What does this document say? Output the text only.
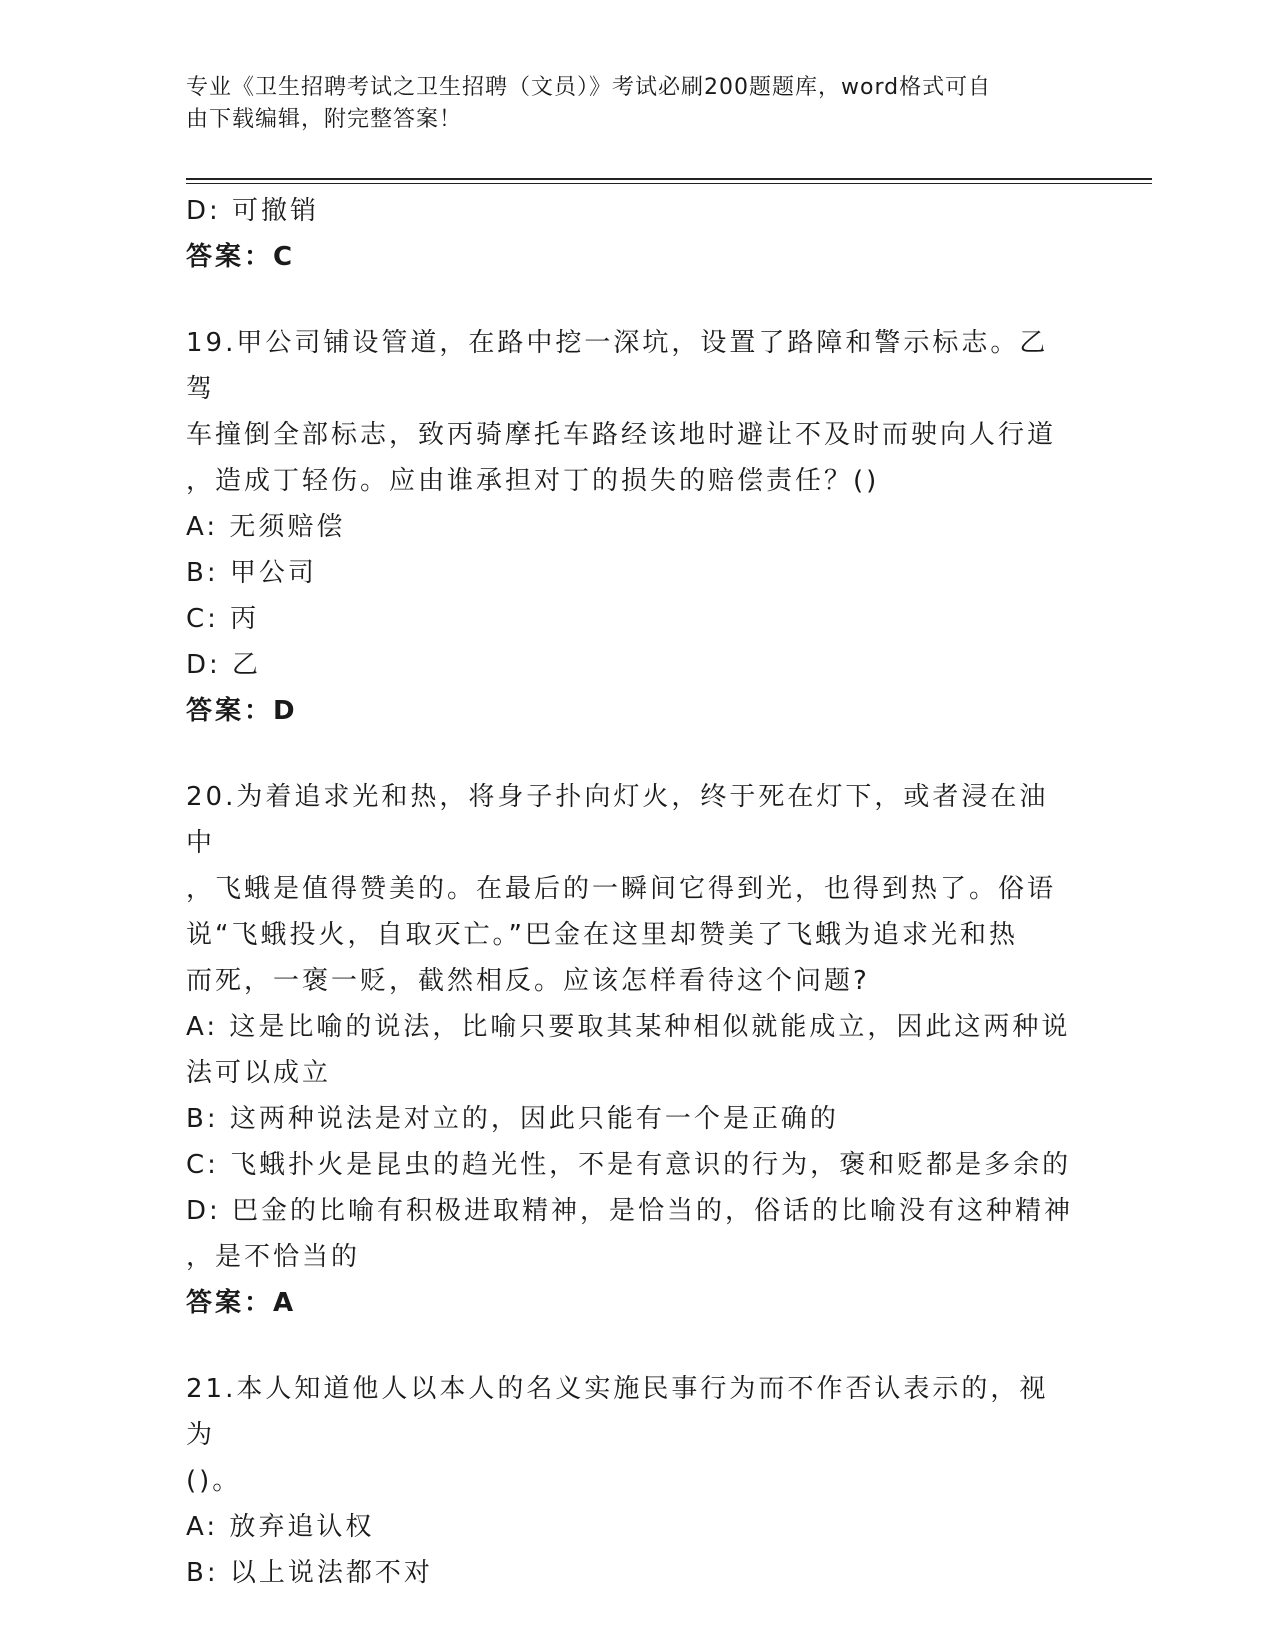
专业《卫生招聘考试之卫生招聘（文员）》考试必刷200题题库，word格式可自
由下载编辑，附完整答案！

D: 可撤销

答案：C

19.甲公司铺设管道，在路中挖一深坑，设置了路障和警示标志。乙驾

车撞倒全部标志，致丙骑摩托车路经该地时避让不及时而驶向人行道

，造成丁轻伤。应由谁承担对丁的损失的赔偿责任？()

A: 无须赔偿

B: 甲公司

C: 丙

D: 乙

答案：D

20.为着追求光和热，将身子扑向灯火，终于死在灯下，或者浸在油中

，飞蛾是值得赞美的。在最后的一瞬间它得到光，也得到热了。俗语

说“飞蛾投火，自取灭亡。”巴金在这里却赞美了飞蛾为追求光和热

而死，一褒一贬，截然相反。应该怎样看待这个问题?

A: 这是比喻的说法，比喻只要取其某种相似就能成立，因此这两种说

法可以成立

B: 这两种说法是对立的，因此只能有一个是正确的

C: 飞蛾扑火是昆虫的趋光性，不是有意识的行为，褒和贬都是多余的

D: 巴金的比喻有积极进取精神，是恰当的，俗话的比喻没有这种精神

，是不恰当的

答案：A

21.本人知道他人以本人的名义实施民事行为而不作否认表示的，视为

()。

A: 放弃追认权

B: 以上说法都不对
